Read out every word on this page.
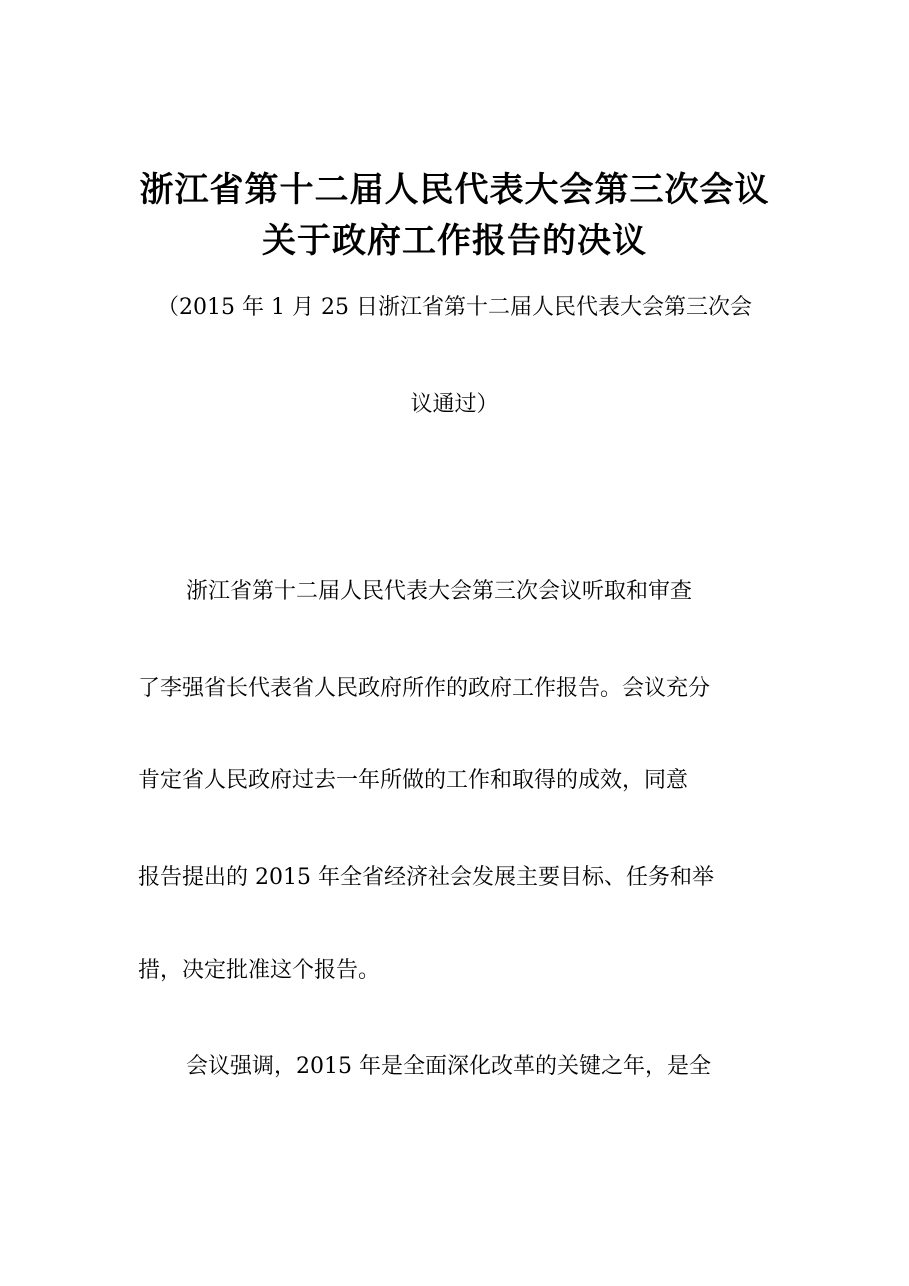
浙江省第十二届人民代表大会第三次会议
关于政府工作报告的决议
（2015 年 1 月 25 日浙江省第十二届人民代表大会第三次会
议通过）
浙江省第十二届人民代表大会第三次会议听取和审查
了李强省长代表省人民政府所作的政府工作报告。会议充分
肯定省人民政府过去一年所做的工作和取得的成效，同意
报告提出的 2015 年全省经济社会发展主要目标、任务和举
措，决定批准这个报告。
会议强调，2015 年是全面深化改革的关键之年，是全
